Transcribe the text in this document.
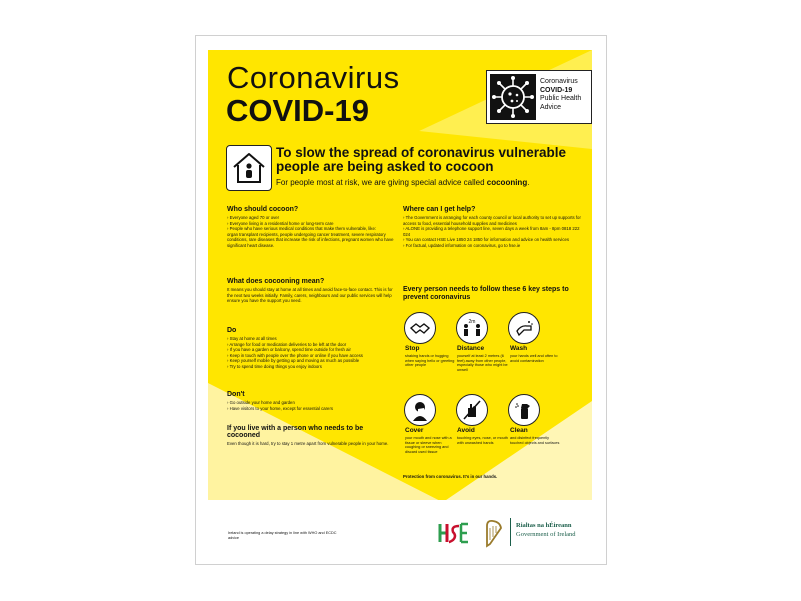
Coronavirus
COVID-19
Coronavirus
COVID-19
Public Health
Advice
To slow the spread of coronavirus vulnerable people are being asked to cocoon
For people most at risk, we are giving special advice called cocooning.
Who should cocoon?
› Everyone aged 70 or over
› Everyone living in a residential home or long-term care
› People who have serious medical conditions that make them vulnerable, like:
organ transplant recipients, people undergoing cancer treatment, severe respiratory conditions, rare diseases that increase the risk of infections, pregnant women who have significant heart disease.
What does cocooning mean?
It means you should stay at home at all times and avoid face-to-face contact. This is for the next two weeks initially. Family, carers, neighbours and our public services will help ensure you have the support you need.
Do
› Stay at home at all times
› Arrange for food or medication deliveries to be left at the door
› If you have a garden or balcony, spend time outside for fresh air
› Keep in touch with people over the phone or online if you have access
› Keep yourself mobile by getting up and moving as much as possible
› Try to spend time doing things you enjoy indoors
Don't
› Go outside your home and garden
› Have visitors to your home, except for essential carers
If you live with a person who needs to be cocooned
Even though it is hard, try to stay 1 metre apart from vulnerable people in your home.
Where can I get help?
› The Government is arranging for each county council or local authority to set up supports for access to food, essential household supplies and medicines
› ALONE is providing a telephone support line, seven days a week from 8am - 8pm 0818 222 024
› You can contact HSE Live 1850 24 1850 for information and advice on health services
› For factual, updated information on coronavirus, go to hse.ie
Every person needs to follow these 6 key steps to prevent coronavirus
Stop
shaking hands or hugging when saying hello or greeting other people
2m
Distance
yourself at least 2 metres (6 feet) away from other people, especially those who might be unwell
Wash
your hands well and often to avoid contamination
Cover
your mouth and nose with a tissue or sleeve when coughing or sneezing and discard used tissue
Avoid
touching eyes, nose, or mouth with unwashed hands
Clean
and disinfect frequently touched objects and surfaces
Protection from coronavirus. It's in our hands.
Ireland is operating a delay strategy in line with WHO and ECDC advice
Rialtas na hÉireann
Government of Ireland
